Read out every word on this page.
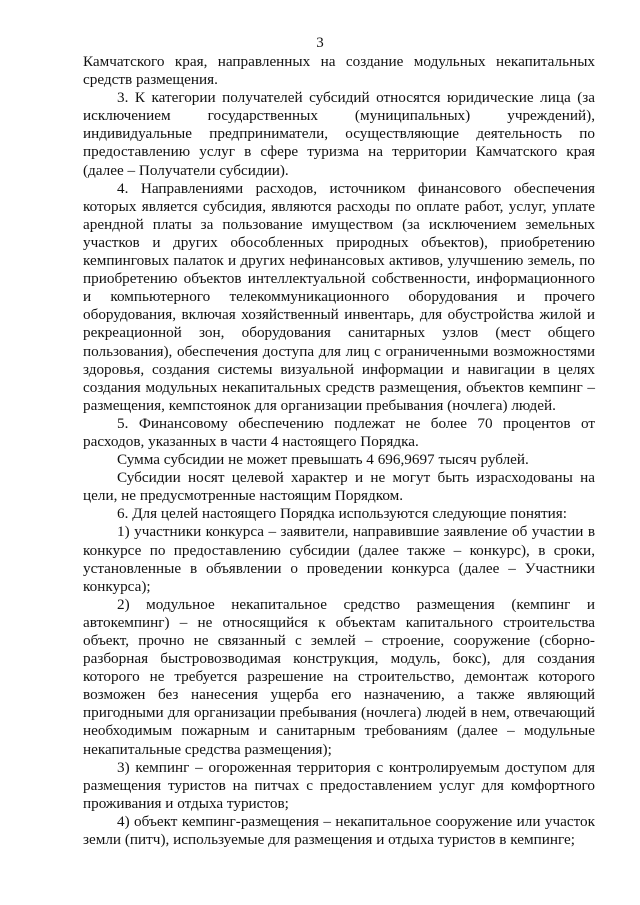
3

Камчатского края, направленных на создание модульных некапитальных средств размещения.

3. К категории получателей субсидий относятся юридические лица (за исключением государственных (муниципальных) учреждений), индивидуальные предприниматели, осуществляющие деятельность по предоставлению услуг в сфере туризма на территории Камчатского края (далее – Получатели субсидии).

4. Направлениями расходов, источником финансового обеспечения которых является субсидия, являются расходы по оплате работ, услуг, уплате арендной платы за пользование имуществом (за исключением земельных участков и других обособленных природных объектов), приобретению кемпинговых палаток и других нефинансовых активов, улучшению земель, по приобретению объектов интеллектуальной собственности, информационного и компьютерного телекоммуникационного оборудования и прочего оборудования, включая хозяйственный инвентарь, для обустройства жилой и рекреационной зон, оборудования санитарных узлов (мест общего пользования), обеспечения доступа для лиц с ограниченными возможностями здоровья, создания системы визуальной информации и навигации в целях создания модульных некапитальных средств размещения, объектов кемпинг – размещения, кемпстоянок для организации пребывания (ночлега) людей.

5. Финансовому обеспечению подлежат не более 70 процентов от расходов, указанных в части 4 настоящего Порядка.

Сумма субсидии не может превышать 4 696,9697 тысяч рублей.

Субсидии носят целевой характер и не могут быть израсходованы на цели, не предусмотренные настоящим Порядком.

6. Для целей настоящего Порядка используются следующие понятия:

1) участники конкурса – заявители, направившие заявление об участии в конкурсе по предоставлению субсидии (далее также – конкурс), в сроки, установленные в объявлении о проведении конкурса (далее – Участники конкурса);

2) модульное некапитальное средство размещения (кемпинг и автокемпинг) – не относящийся к объектам капитального строительства объект, прочно не связанный с землей – строение, сооружение (сборно-разборная быстровозводимая конструкция, модуль, бокс), для создания которого не требуется разрешение на строительство, демонтаж которого возможен без нанесения ущерба его назначению, а также являющий пригодными для организации пребывания (ночлега) людей в нем, отвечающий необходимым пожарным и санитарным требованиям (далее – модульные некапитальные средства размещения);

3) кемпинг – огороженная территория с контролируемым доступом для размещения туристов на питчах с предоставлением услуг для комфортного проживания и отдыха туристов;

4) объект кемпинг-размещения – некапитальное сооружение или участок земли (питч), используемые для размещения и отдыха туристов в кемпинге;
